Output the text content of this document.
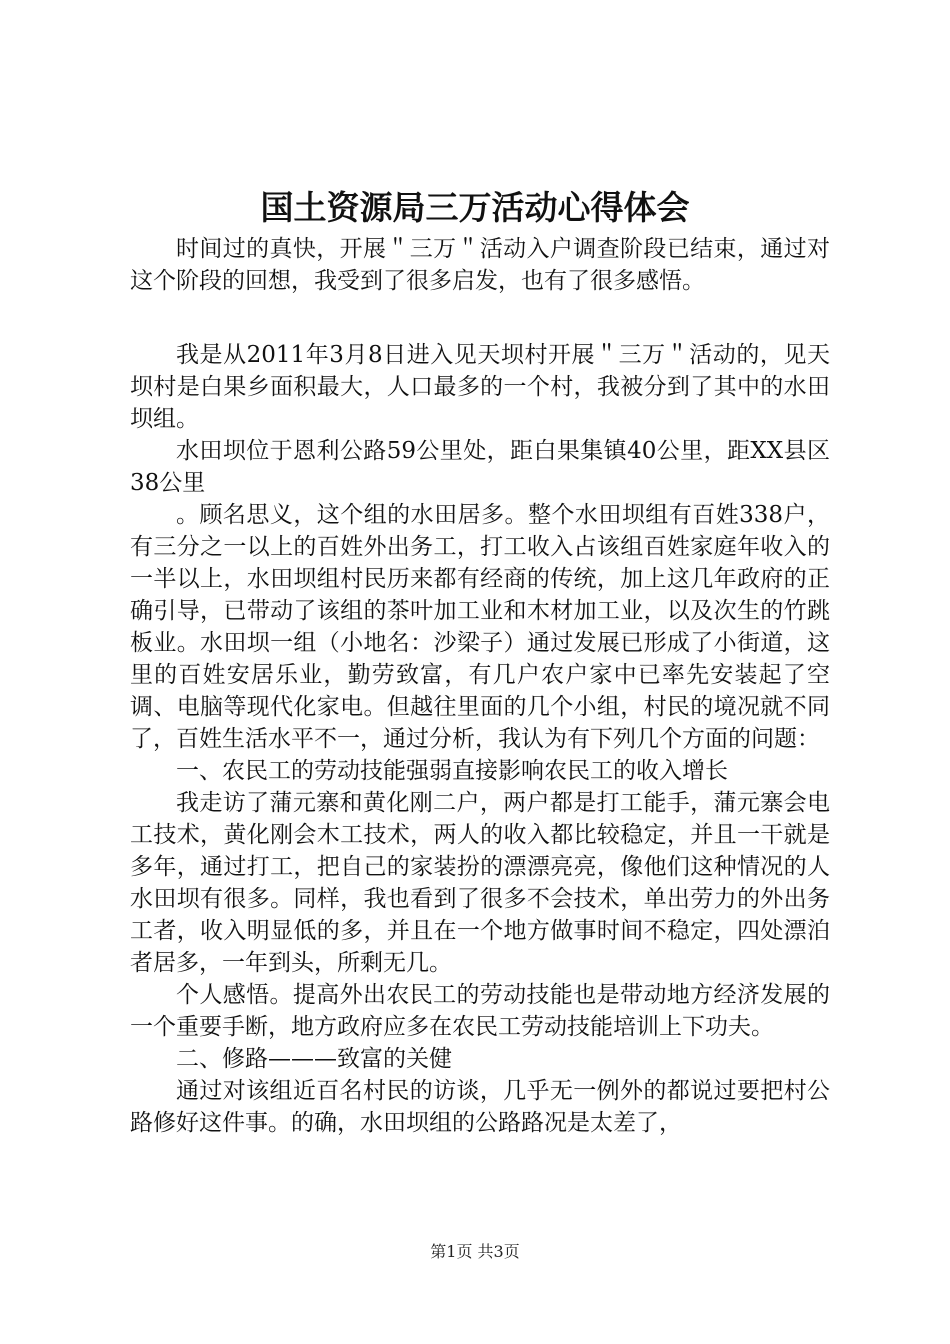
国土资源局三万活动心得体会

时间过的真快，开展＂三万＂活动入户调查阶段已结束，通过对这个阶段的回想，我受到了很多启发，也有了很多感悟。

我是从2011年3月8日进入见天坝村开展＂三万＂活动的，见天坝村是白果乡面积最大，人口最多的一个村，我被分到了其中的水田坝组。

水田坝位于恩利公路59公里处，距白果集镇40公里，距XX县区38公里

。顾名思义，这个组的水田居多。整个水田坝组有百姓338户，有三分之一以上的百姓外出务工，打工收入占该组百姓家庭年收入的一半以上，水田坝组村民历来都有经商的传统，加上这几年政府的正确引导，已带动了该组的茶叶加工业和木材加工业，以及次生的竹跳板业。水田坝一组（小地名：沙梁子）通过发展已形成了小街道，这里的百姓安居乐业，勤劳致富，有几户农户家中已率先安装起了空调、电脑等现代化家电。但越往里面的几个小组，村民的境况就不同了，百姓生活水平不一，通过分析，我认为有下列几个方面的问题：

一、农民工的劳动技能强弱直接影响农民工的收入增长

我走访了蒲元寨和黄化刚二户，两户都是打工能手，蒲元寨会电工技术，黄化刚会木工技术，两人的收入都比较稳定，并且一干就是多年，通过打工，把自己的家装扮的漂漂亮亮，像他们这种情况的人水田坝有很多。同样，我也看到了很多不会技术，单出劳力的外出务工者，收入明显低的多，并且在一个地方做事时间不稳定，四处漂泊者居多，一年到头，所剩无几。

个人感悟。提高外出农民工的劳动技能也是带动地方经济发展的一个重要手断，地方政府应多在农民工劳动技能培训上下功夫。

二、修路———致富的关健

通过对该组近百名村民的访谈，几乎无一例外的都说过要把村公路修好这件事。的确，水田坝组的公路路况是太差了，

第1页 共3页
